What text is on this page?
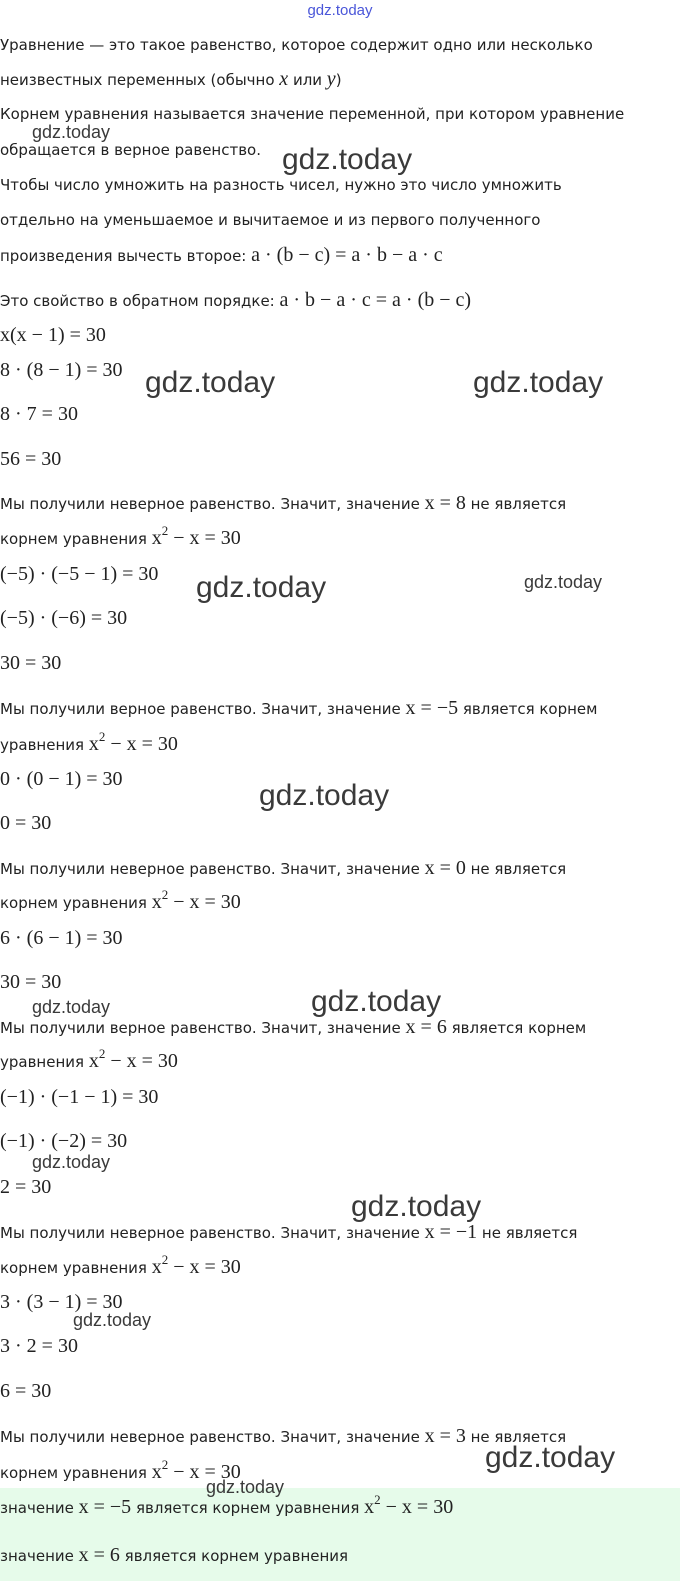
gdz.today
Уравнение — это такое равенство, которое содержит одно или несколько
неизвестных переменных (обычно x или y)
Корнем уравнения называется значение переменной, при котором уравнение
обращается в верное равенство.
Чтобы число умножить на разность чисел, нужно это число умножить
отдельно на уменьшаемое и вычитаемое и из первого полученного
произведения вычесть второе: a · (b − c) = a · b − a · c
Это свойство в обратном порядке: a · b − a · c = a · (b − c)
x(x − 1) = 30
8 · (8 − 1) = 30
8 · 7 = 30
56 = 30
Мы получили неверное равенство. Значит, значение x = 8 не является
корнем уравнения $x^2 - x = 30$
(−5) · (−5 − 1) = 30
(−5) · (−6) = 30
30 = 30
Мы получили верное равенство. Значит, значение x = −5 является корнем
уравнения $x^2 - x = 30$
0 · (0 − 1) = 30
0 = 30
Мы получили неверное равенство. Значит, значение x = 0 не является
корнем уравнения $x^2 - x = 30$
6 · (6 − 1) = 30
30 = 30
Мы получили верное равенство. Значит, значение x = 6 является корнем
уравнения $x^2 - x = 30$
(−1) · (−1 − 1) = 30
(−1) · (−2) = 30
2 = 30
Мы получили неверное равенство. Значит, значение x = −1 не является
корнем уравнения $x^2 - x = 30$
3 · (3 − 1) = 30
3 · 2 = 30
6 = 30
Мы получили неверное равенство. Значит, значение x = 3 не является
корнем уравнения $x^2 - x = 30$
значение x = −5 является корнем уравнения $x^2 - x = 30$
значение x = 6 является корнем уравнения
gdz.today
gdz.today
gdz.today	gdz.today
gdz.today	gdz.today
gdz.today
gdz.today
gdz.today
gdz.today
gdz.today
gdz.today
gdz.today
gdz.today
